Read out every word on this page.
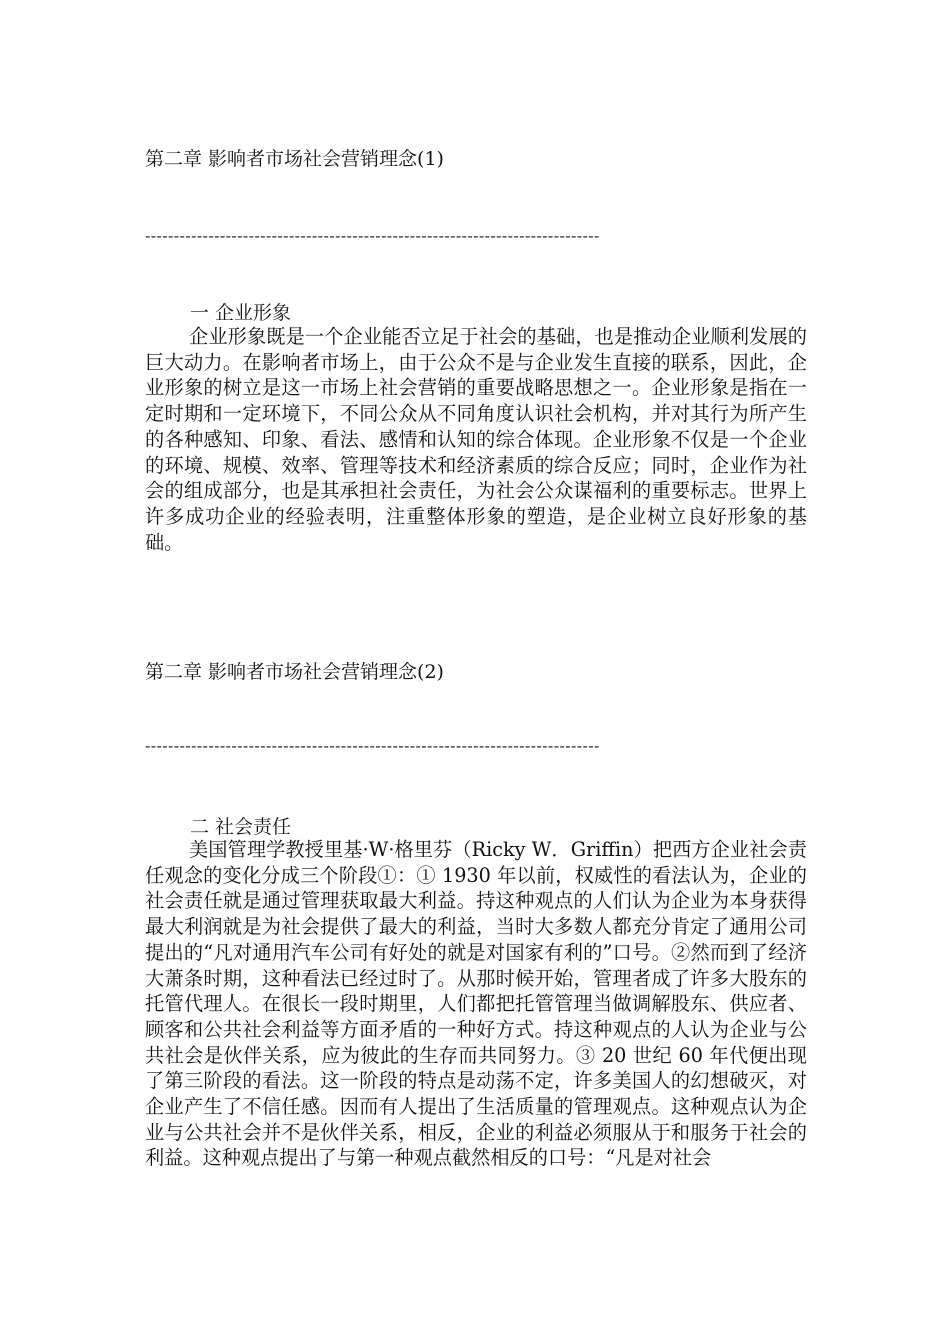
第二章 影响者市场社会营销理念(1)
-------------------------------------------------------------------------------
一 企业形象

企业形象既是一个企业能否立足于社会的基础，也是推动企业顺利发展的巨大动力。在影响者市场上，由于公众不是与企业发生直接的联系，因此，企业形象的树立是这一市场上社会营销的重要战略思想之一。企业形象是指在一定时期和一定环境下，不同公众从不同角度认识社会机构，并对其行为所产生的各种感知、印象、看法、感情和认知的综合体现。企业形象不仅是一个企业的环境、规模、效率、管理等技术和经济素质的综合反应；同时，企业作为社会的组成部分，也是其承担社会责任，为社会公众谋福利的重要标志。世界上许多成功企业的经验表明，注重整体形象的塑造，是企业树立良好形象的基础。

第二章 影响者市场社会营销理念(2)
-------------------------------------------------------------------------------
二 社会责任

美国管理学教授里基·W·格里芬（Ricky W．Griffin）把西方企业社会责任观念的变化分成三个阶段①：① 1930 年以前，权威性的看法认为，企业的社会责任就是通过管理获取最大利益。持这种观点的人们认为企业为本身获得最大利润就是为社会提供了最大的利益，当时大多数人都充分肯定了通用公司提出的“凡对通用汽车公司有好处的就是对国家有利的”口号。②然而到了经济大萧条时期，这种看法已经过时了。从那时候开始，管理者成了许多大股东的托管代理人。在很长一段时期里，人们都把托管管理当做调解股东、供应者、顾客和公共社会利益等方面矛盾的一种好方式。持这种观点的人认为企业与公共社会是伙伴关系，应为彼此的生存而共同努力。③ 20 世纪 60 年代便出现了第三阶段的看法。这一阶段的特点是动荡不定，许多美国人的幻想破灭，对企业产生了不信任感。因而有人提出了生活质量的管理观点。这种观点认为企业与公共社会并不是伙伴关系，相反，企业的利益必须服从于和服务于社会的利益。这种观点提出了与第一种观点截然相反的口号：“凡是对社会
